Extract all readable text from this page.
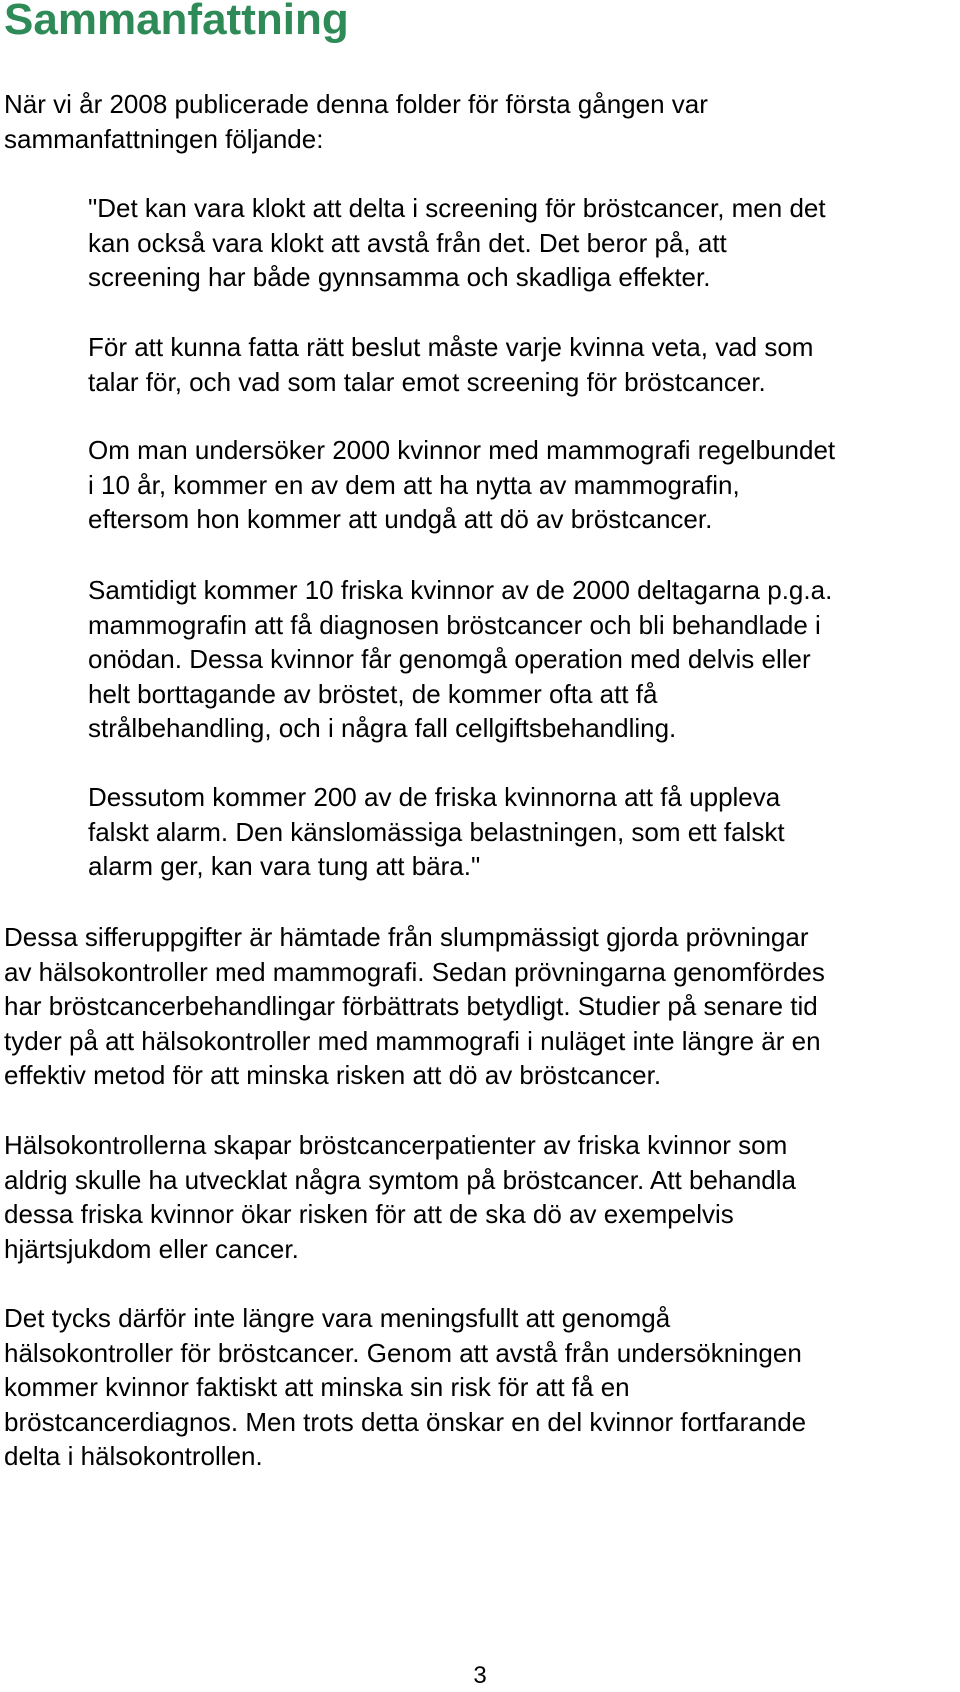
Sammanfattning

När vi år 2008 publicerade denna folder för första gången var
sammanfattningen följande:

"Det kan vara klokt att delta i screening för bröstcancer, men det
kan också vara klokt att avstå från det. Det beror på, att
screening har både gynnsamma och skadliga effekter.

För att kunna fatta rätt beslut måste varje kvinna veta, vad som
talar för, och vad som talar emot screening för bröstcancer.

Om man undersöker 2000 kvinnor med mammografi regelbundet
i 10 år, kommer en av dem att ha nytta av mammografin,
eftersom hon kommer att undgå att dö av bröstcancer.

Samtidigt kommer 10 friska kvinnor av de 2000 deltagarna p.g.a.
mammografin att få diagnosen bröstcancer och bli behandlade i
onödan. Dessa kvinnor får genomgå operation med delvis eller
helt borttagande av bröstet, de kommer ofta att få
strålbehandling, och i några fall cellgiftsbehandling.

Dessutom kommer 200 av de friska kvinnorna att få uppleva
falskt alarm. Den känslomässiga belastningen, som ett falskt
alarm ger, kan vara tung att bära."

Dessa sifferuppgifter är hämtade från slumpmässigt gjorda prövningar
av hälsokontroller med mammografi. Sedan prövningarna genomfördes
har bröstcancerbehandlingar förbättrats betydligt. Studier på senare tid
tyder på att hälsokontroller med mammografi i nuläget inte längre är en
effektiv metod för att minska risken att dö av bröstcancer.

Hälsokontrollerna skapar bröstcancerpatienter av friska kvinnor som
aldrig skulle ha utvecklat några symtom på bröstcancer. Att behandla
dessa friska kvinnor ökar risken för att de ska dö av exempelvis
hjärtsjukdom eller cancer.

Det tycks därför inte längre vara meningsfullt att genomgå
hälsokontroller för bröstcancer. Genom att avstå från undersökningen
kommer kvinnor faktiskt att minska sin risk för att få en
bröstcancerdiagnos. Men trots detta önskar en del kvinnor fortfarande
delta i hälsokontrollen.

3
